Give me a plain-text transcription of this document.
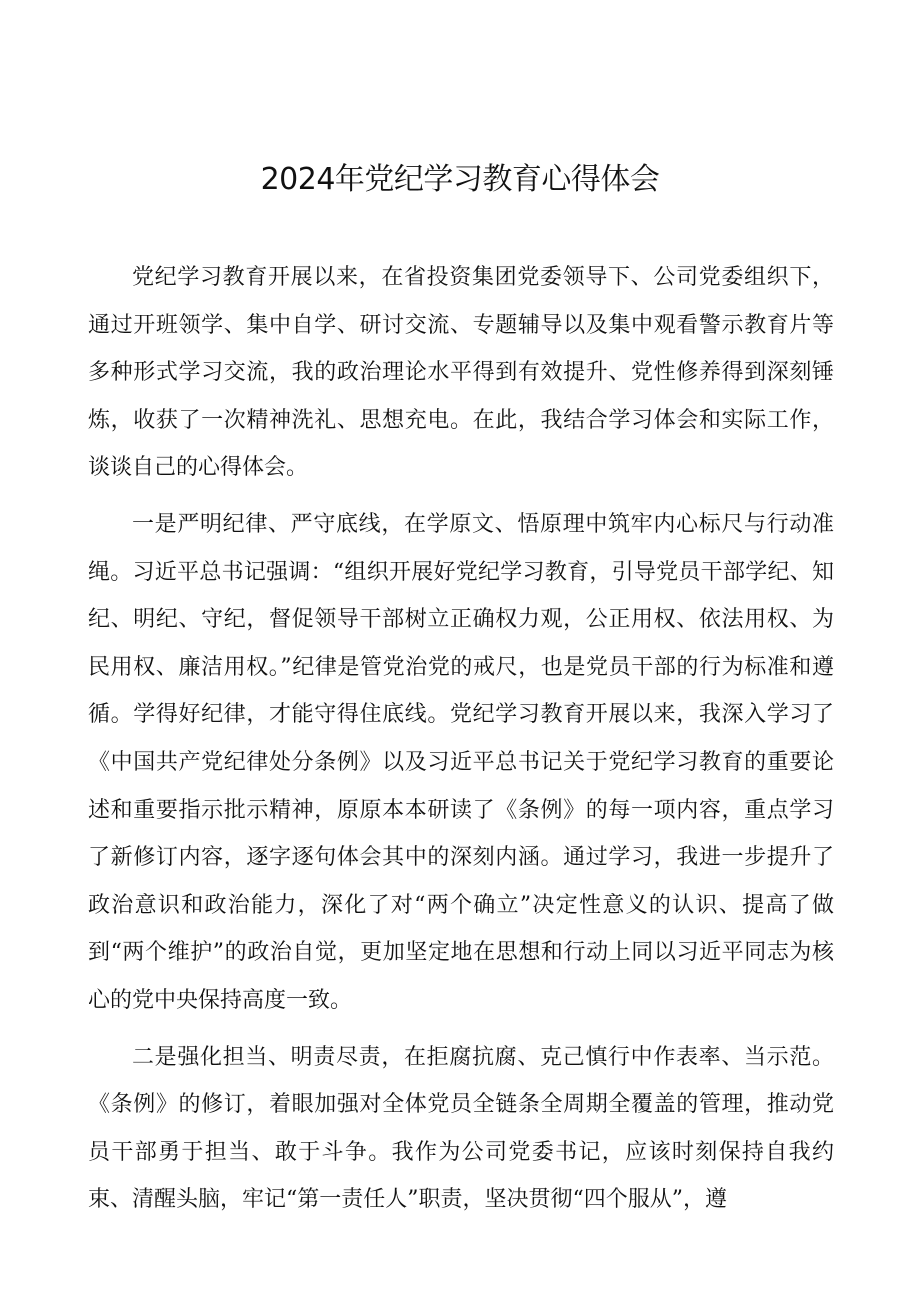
2024年党纪学习教育心得体会

党纪学习教育开展以来，在省投资集团党委领导下、公司党委组织下，通过开班领学、集中自学、研讨交流、专题辅导以及集中观看警示教育片等多种形式学习交流，我的政治理论水平得到有效提升、党性修养得到深刻锤炼，收获了一次精神洗礼、思想充电。在此，我结合学习体会和实际工作，谈谈自己的心得体会。

一是严明纪律、严守底线，在学原文、悟原理中筑牢内心标尺与行动准绳。习近平总书记强调：“组织开展好党纪学习教育，引导党员干部学纪、知纪、明纪、守纪，督促领导干部树立正确权力观，公正用权、依法用权、为民用权、廉洁用权。”纪律是管党治党的戒尺，也是党员干部的行为标准和遵循。学得好纪律，才能守得住底线。党纪学习教育开展以来，我深入学习了《中国共产党纪律处分条例》以及习近平总书记关于党纪学习教育的重要论述和重要指示批示精神，原原本本研读了《条例》的每一项内容，重点学习了新修订内容，逐字逐句体会其中的深刻内涵。通过学习，我进一步提升了政治意识和政治能力，深化了对“两个确立”决定性意义的认识、提高了做到“两个维护”的政治自觉，更加坚定地在思想和行动上同以习近平同志为核心的党中央保持高度一致。

二是强化担当、明责尽责，在拒腐抗腐、克己慎行中作表率、当示范。《条例》的修订，着眼加强对全体党员全链条全周期全覆盖的管理，推动党员干部勇于担当、敢于斗争。我作为公司党委书记，应该时刻保持自我约束、清醒头脑，牢记“第一责任人”职责，坚决贯彻“四个服从”，遵
